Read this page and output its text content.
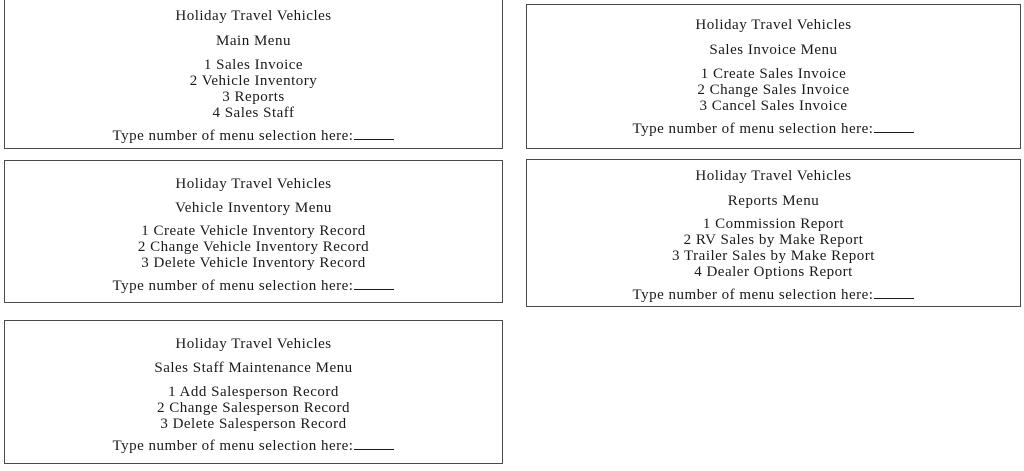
Holiday Travel Vehicles
Main Menu
1 Sales Invoice
2 Vehicle Inventory
3 Reports
4 Sales Staff
Type number of menu selection here:
Holiday Travel Vehicles
Sales Invoice Menu
1 Create Sales Invoice
2 Change Sales Invoice
3 Cancel Sales Invoice
Type number of menu selection here:
Holiday Travel Vehicles
Vehicle Inventory Menu
1 Create Vehicle Inventory Record
2 Change Vehicle Inventory Record
3 Delete Vehicle Inventory Record
Type number of menu selection here:
Holiday Travel Vehicles
Reports Menu
1 Commission Report
2 RV Sales by Make Report
3 Trailer Sales by Make Report
4 Dealer Options Report
Type number of menu selection here:
Holiday Travel Vehicles
Sales Staff Maintenance Menu
1 Add Salesperson Record
2 Change Salesperson Record
3 Delete Salesperson Record
Type number of menu selection here:
